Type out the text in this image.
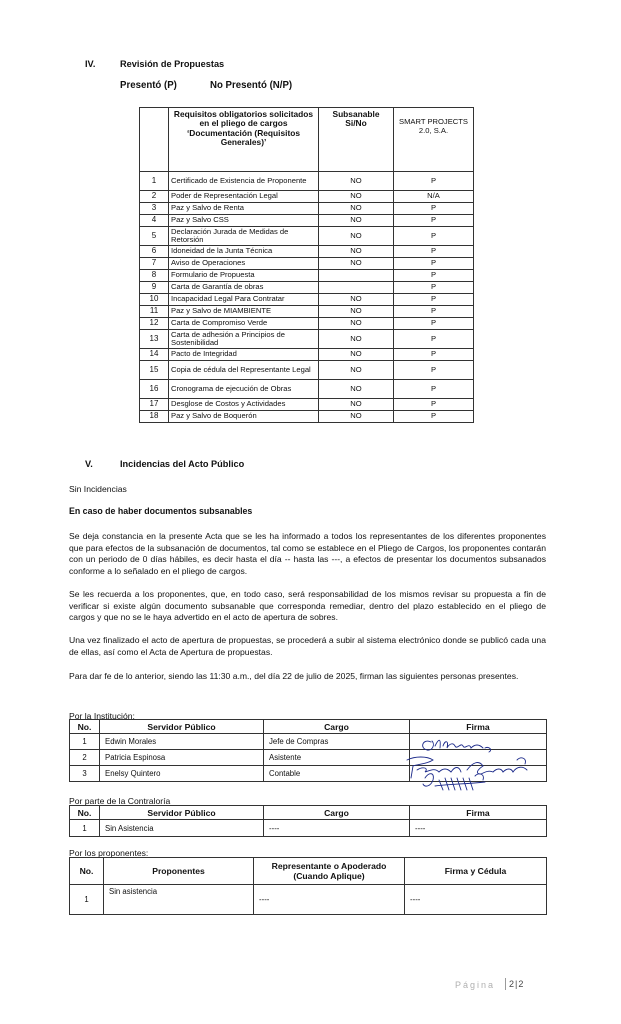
IV.	Revisión de Propuestas
Presentó (P)	No Presentó (N/P)
	Requisitos obligatorios solicitados en el pliego de cargos ‘Documentación (Requisitos Generales)’	Subsanable Si/No	SMART PROJECTS 2.0, S.A.
1	Certificado de Existencia de Proponente	NO	P
2	Poder de Representación Legal	NO	N/A
3	Paz y Salvo de Renta	NO	P
4	Paz y Salvo CSS	NO	P
5	Declaración Jurada de Medidas de Retorsión	NO	P
6	Idoneidad de la Junta Técnica	NO	P
7	Aviso de Operaciones	NO	P
8	Formulario de Propuesta		P
9	Carta de Garantía de obras		P
10	Incapacidad Legal Para Contratar	NO	P
11	Paz y Salvo de MIAMBIENTE	NO	P
12	Carta de Compromiso Verde	NO	P
13	Carta de adhesión a Principios de Sostenibilidad	NO	P
14	Pacto de Integridad	NO	P
15	Copia de cédula del Representante Legal	NO	P
16	Cronograma de ejecución de Obras	NO	P
17	Desglose de Costos y Actividades	NO	P
18	Paz y Salvo de Boquerón	NO	P
V.	Incidencias del Acto Público
Sin Incidencias
En caso de haber documentos subsanables
Se deja constancia en la presente Acta que se les ha informado a todos los representantes de los diferentes proponentes que para efectos de la subsanación de documentos, tal como se establece en el Pliego de Cargos, los proponentes contarán con un periodo de 0 días hábiles, es decir hasta el día -- hasta las ---, a efectos de presentar los documentos subsanados conforme a lo señalado en el pliego de cargos.
Se les recuerda a los proponentes, que, en todo caso, será responsabilidad de los mismos revisar su propuesta a fin de verificar si existe algún documento subsanable que corresponda remediar, dentro del plazo establecido en el pliego de cargos y que no se le haya advertido en el acto de apertura de sobres.
Una vez finalizado el acto de apertura de propuestas, se procederá a subir al sistema electrónico donde se publicó cada una de ellas, así como el Acta de Apertura de propuestas.
Para dar fe de lo anterior, siendo las 11:30 a.m., del día 22 de julio de 2025, firman las siguientes personas presentes.
Por la Institución:
No.	Servidor Público	Cargo	Firma
1	Edwin Morales	Jefe de Compras	
2	Patricia Espinosa	Asistente	
3	Enelsy Quintero	Contable	
Por parte de la Contraloría
No.	Servidor Público	Cargo	Firma
1	Sin Asistencia	----	----
Por los proponentes:
No.	Proponentes	Representante o Apoderado (Cuando Aplique)	Firma y Cédula
1	Sin asistencia	----	----
Página 2|2
